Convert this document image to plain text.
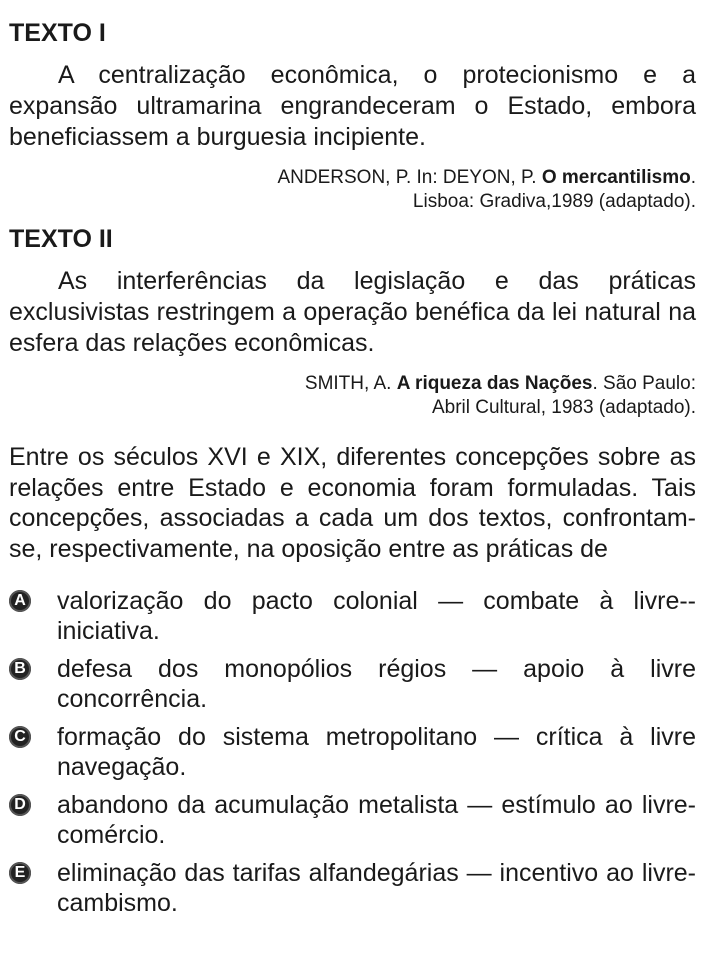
TEXTO I

A centralização econômica, o protecionismo e a expansão ultramarina engrandeceram o Estado, embora beneficiassem a burguesia incipiente.

ANDERSON, P. In: DEYON, P. O mercantilismo.
Lisboa: Gradiva,1989 (adaptado).

TEXTO II

As interferências da legislação e das práticas exclusivistas restringem a operação benéfica da lei natural na esfera das relações econômicas.

SMITH, A. A riqueza das Nações. São Paulo:
Abril Cultural, 1983 (adaptado).

Entre os séculos XVI e XIX, diferentes concepções sobre as relações entre Estado e economia foram formuladas. Tais concepções, associadas a cada um dos textos, confrontam-se, respectivamente, na oposição entre as práticas de

A valorização do pacto colonial — combate à livre--iniciativa.
B defesa dos monopólios régios — apoio à livre concorrência.
C formação do sistema metropolitano — crítica à livre navegação.
D abandono da acumulação metalista — estímulo ao livre-comércio.
E eliminação das tarifas alfandegárias — incentivo ao livre-cambismo.
